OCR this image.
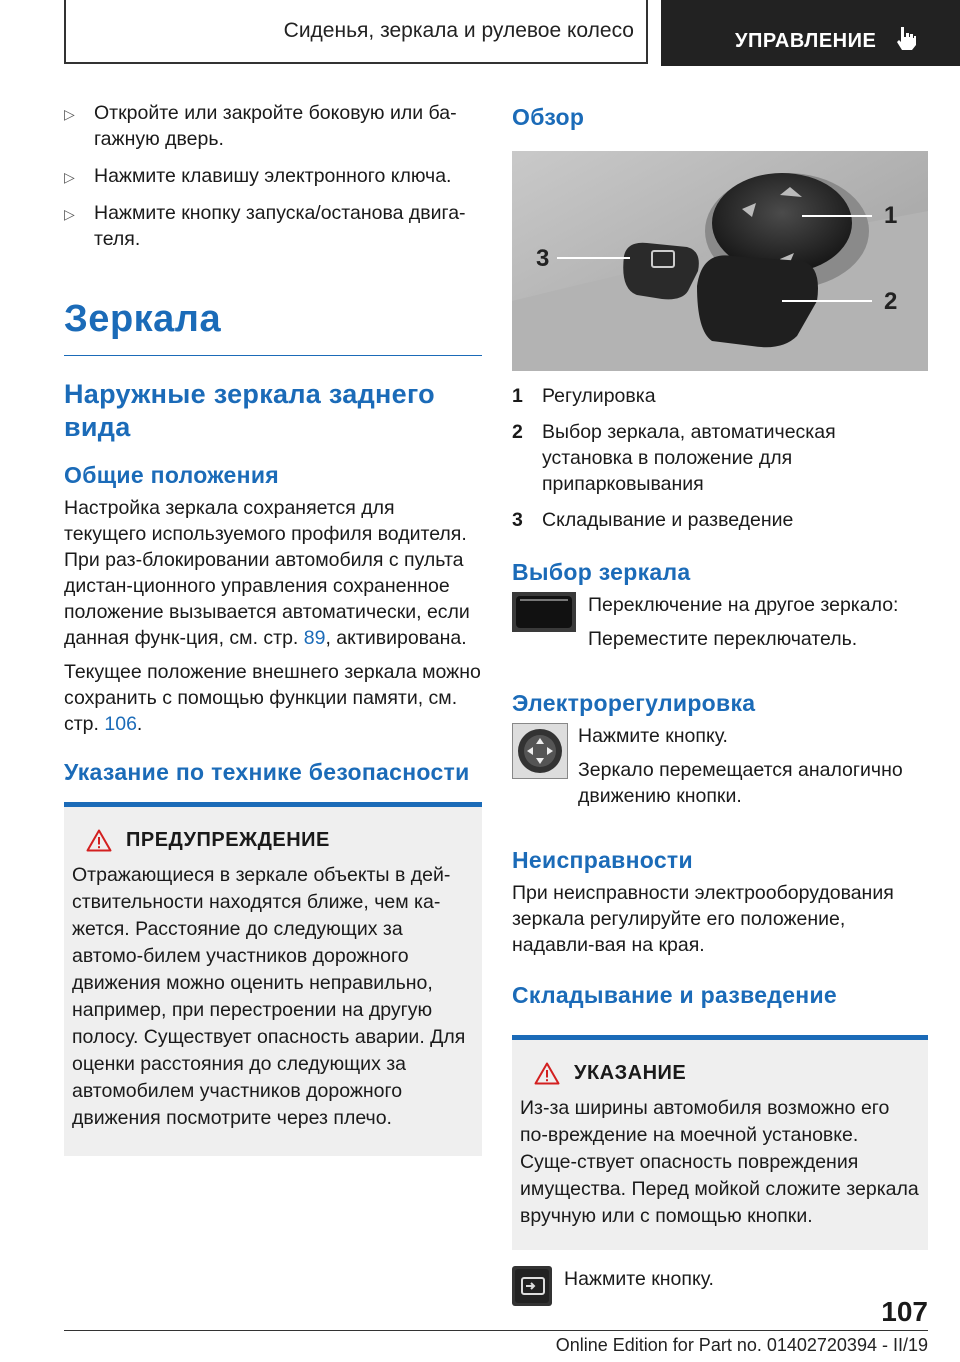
Сиденья, зеркала и рулевое колесо	УПРАВЛЕНИЕ
▷ Откройте или закройте боковую или ба-гажную дверь.
▷ Нажмите клавишу электронного ключа.
▷ Нажмите кнопку запуска/останова двига-теля.
Зеркала
Наружные зеркала заднего вида
Общие положения

Настройка зеркала сохраняется для текущего используемого профиля водителя. При раз-блокировании автомобиля с пульта дистан-ционного управления сохраненное положение вызывается автоматически, если данная функ-ция, см. стр. 89, активирована.

Текущее положение внешнего зеркала можно сохранить с помощью функции памяти, см. стр. 106.

Указание по технике безопасности
ПРЕДУПРЕЖДЕНИЕ
Отражающиеся в зеркале объекты в дей-ствительности находятся ближе, чем ка-жется. Расстояние до следующих за автомо-билем участников дорожного движения можно оценить неправильно, например, при перестроении на другую полосу. Существует опасность аварии. Для оценки расстояния до следующих за автомобилем участников дорожного движения посмотрите через плечо.
Обзор
1
2
3
1 Регулировка
2 Выбор зеркала, автоматическая установка в положение для припарковывания
3 Складывание и разведение
Выбор зеркала

Переключение на другое зеркало:

Переместите переключатель.

Электрорегулировка

Нажмите кнопку.

Зеркало перемещается аналогично движению кнопки.

Неисправности

При неисправности электрооборудования зеркала регулируйте его положение, надавли-вая на края.

Складывание и разведение
УКАЗАНИЕ
Из-за ширины автомобиля возможно его по-вреждение на моечной установке. Суще-ствует опасность повреждения имущества. Перед мойкой сложите зеркала вручную или с помощью кнопки.

Нажмите кнопку.

107
Online Edition for Part no. 01402720394 - II/19
